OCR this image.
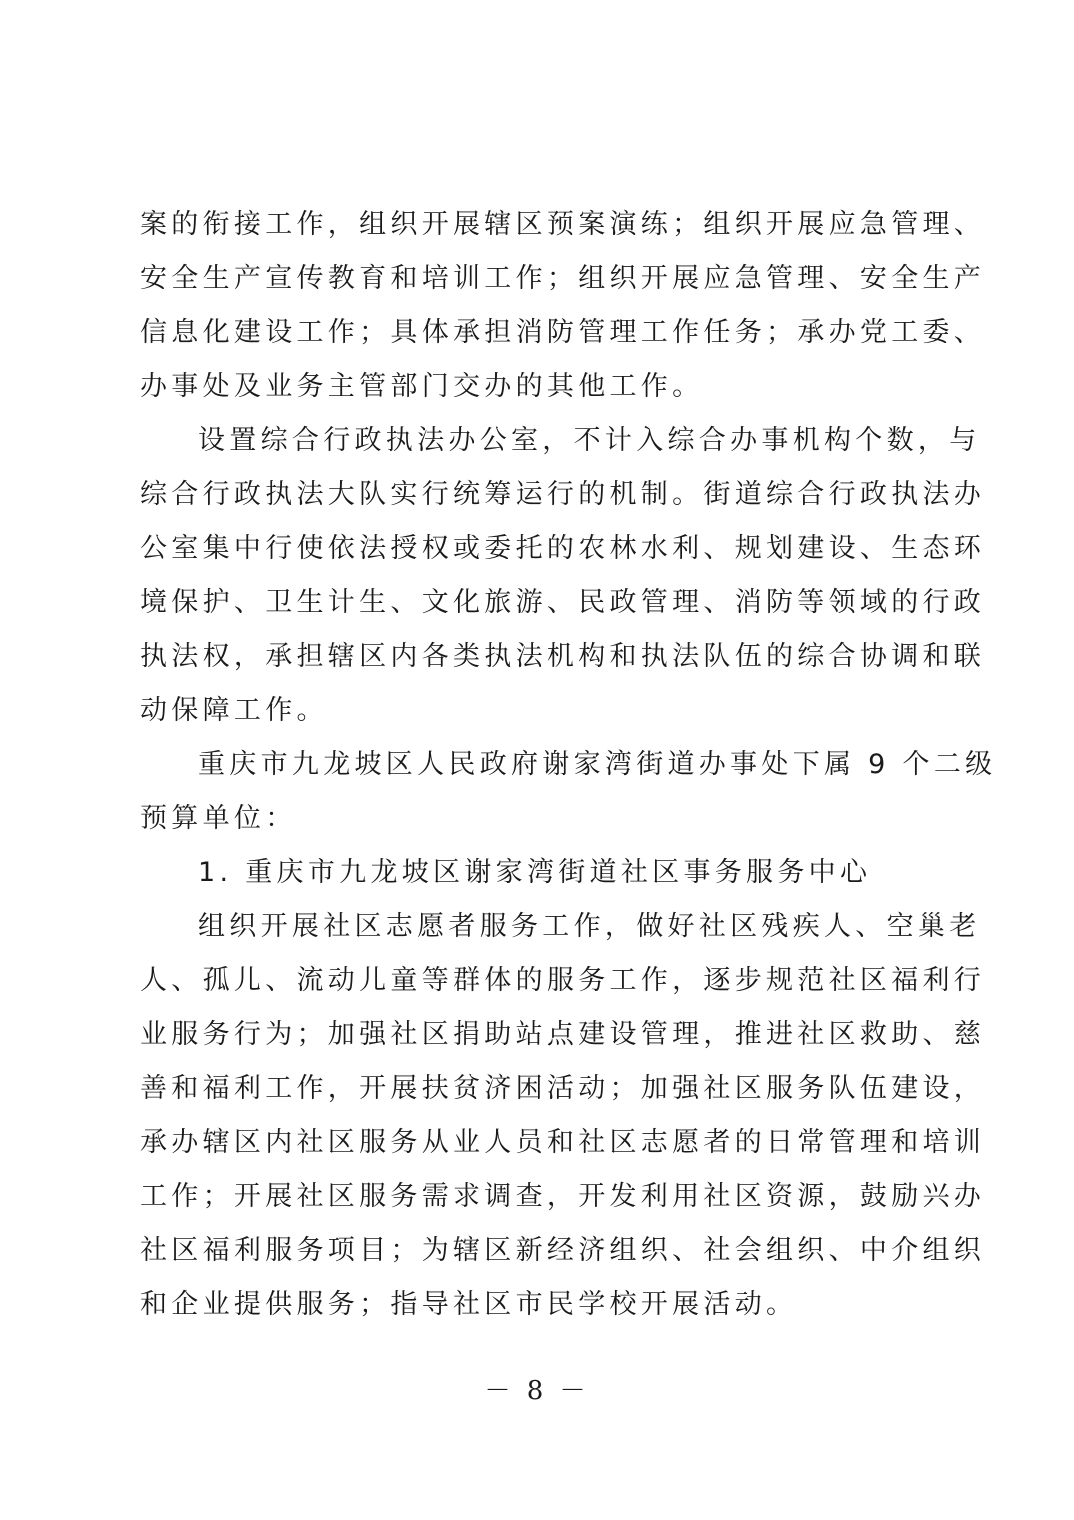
案的衔接工作，组织开展辖区预案演练；组织开展应急管理、
安全生产宣传教育和培训工作；组织开展应急管理、安全生产
信息化建设工作；具体承担消防管理工作任务；承办党工委、
办事处及业务主管部门交办的其他工作。
设置综合行政执法办公室，不计入综合办事机构个数，与
综合行政执法大队实行统筹运行的机制。街道综合行政执法办
公室集中行使依法授权或委托的农林水利、规划建设、生态环
境保护、卫生计生、文化旅游、民政管理、消防等领域的行政
执法权，承担辖区内各类执法机构和执法队伍的综合协调和联
动保障工作。
重庆市九龙坡区人民政府谢家湾街道办事处下属 9 个二级
预算单位：
1. 重庆市九龙坡区谢家湾街道社区事务服务中心
组织开展社区志愿者服务工作，做好社区残疾人、空巢老
人、孤儿、流动儿童等群体的服务工作，逐步规范社区福利行
业服务行为；加强社区捐助站点建设管理，推进社区救助、慈
善和福利工作，开展扶贫济困活动；加强社区服务队伍建设，
承办辖区内社区服务从业人员和社区志愿者的日常管理和培训
工作；开展社区服务需求调查，开发利用社区资源，鼓励兴办
社区福利服务项目；为辖区新经济组织、社会组织、中介组织
和企业提供服务；指导社区市民学校开展活动。
－ 8 －
